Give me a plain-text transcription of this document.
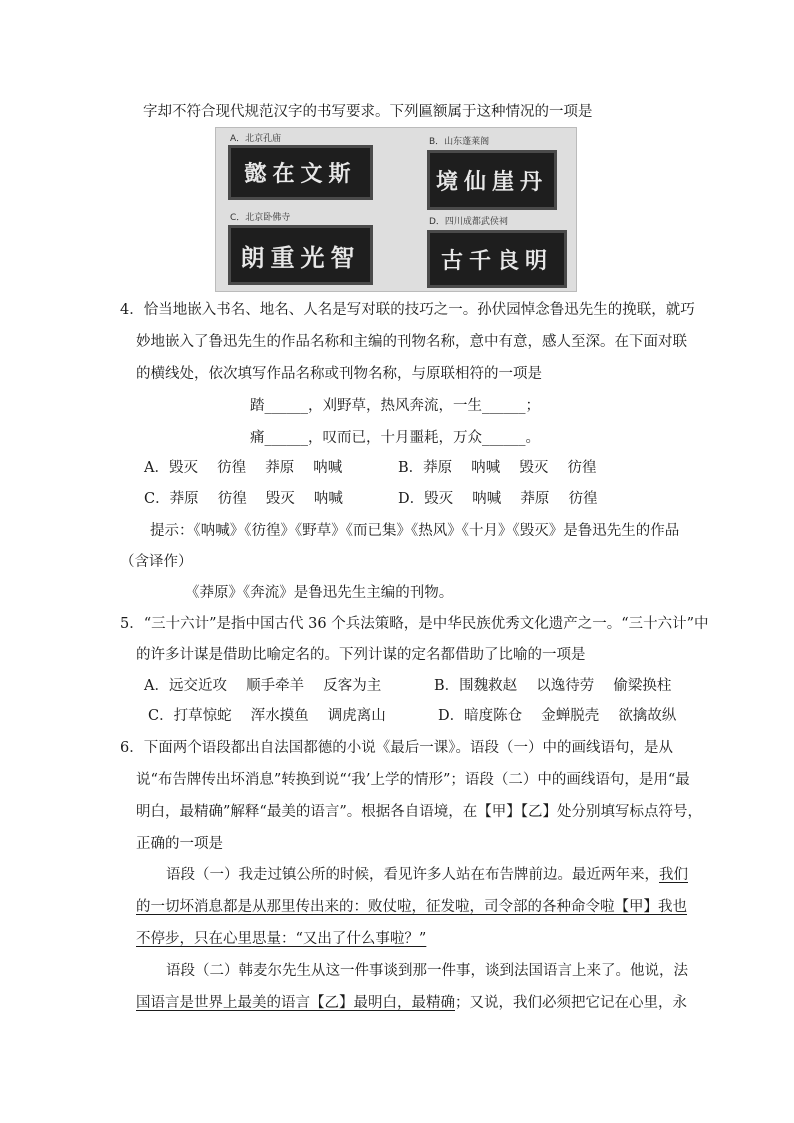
字却不符合现代规范汉字的书写要求。下列匾额属于这种情况的一项是
A．北京孔庙
懿在文斯
B．山东蓬莱阁
境仙崖丹
C．北京卧佛寺
朗重光智
D．四川成都武侯祠
古千良明
4．恰当地嵌入书名、地名、人名是写对联的技巧之一。孙伏园悼念鲁迅先生的挽联，就巧
妙地嵌入了鲁迅先生的作品名称和主编的刊物名称，意中有意，感人至深。在下面对联
的横线处，依次填写作品名称或刊物名称，与原联相符的一项是
踏______，刈野草，热风奔流，一生______；
痛______，叹而已，十月噩耗，万众______。
A．毁灭　 彷徨　 莽原　 呐喊	B．莽原　 呐喊　 毁灭　 彷徨
C．莽原　 彷徨　 毁灭　 呐喊	D．毁灭　 呐喊　 莽原　 彷徨
提示：《呐喊》《彷徨》《野草》《而已集》《热风》《十月》《毁灭》是鲁迅先生的作品
（含译作）
《莽原》《奔流》是鲁迅先生主编的刊物。
5．“三十六计”是指中国古代 36 个兵法策略，是中华民族优秀文化遗产之一。“三十六计”中
的许多计谋是借助比喻定名的。下列计谋的定名都借助了比喻的一项是
A．远交近攻　 顺手牵羊　 反客为主	B．围魏救赵　 以逸待劳　 偷梁换柱
C．打草惊蛇　 浑水摸鱼　 调虎离山	D．暗度陈仓　 金蝉脱壳　 欲擒故纵
6．下面两个语段都出自法国都德的小说《最后一课》。语段（一）中的画线语句，是从
说“布告牌传出坏消息”转换到说“‘我’上学的情形”；语段（二）中的画线语句，是用“最
明白，最精确”解释“最美的语言”。根据各自语境，在【甲】【乙】处分别填写标点符号，
正确的一项是
语段（一）我走过镇公所的时候，看见许多人站在布告牌前边。最近两年来，我们
的一切坏消息都是从那里传出来的：败仗啦，征发啦，司令部的各种命令啦【甲】我也
不停步，只在心里思量：“又出了什么事啦？”
语段（二）韩麦尔先生从这一件事谈到那一件事，谈到法国语言上来了。他说，法
国语言是世界上最美的语言【乙】最明白，最精确；又说，我们必须把它记在心里，永
